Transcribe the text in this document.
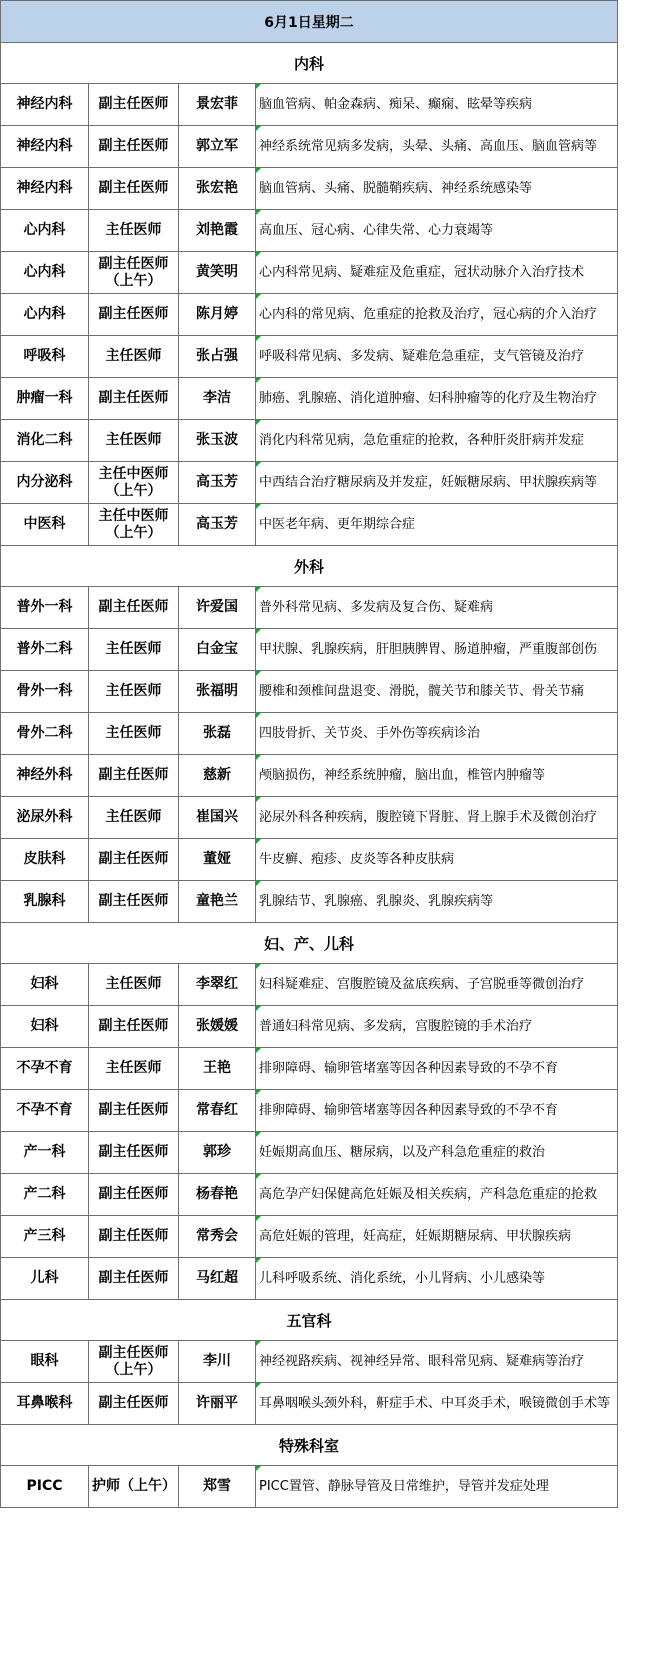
6月1日星期二			
内科			
神经内科	副主任医师	景宏菲	脑血管病、帕金森病、痴呆、癫痫、眩晕等疾病
神经内科	副主任医师	郭立军	神经系统常见病多发病，头晕、头痛、高血压、脑血管病等
神经内科	副主任医师	张宏艳	脑血管病、头痛、脱髓鞘疾病、神经系统感染等
心内科	主任医师	刘艳霞	高血压、冠心病、心律失常、心力衰竭等
心内科	副主任医师（上午）	黄笑明	心内科常见病、疑难症及危重症，冠状动脉介入治疗技术
心内科	副主任医师	陈月婷	心内科的常见病、危重症的抢救及治疗，冠心病的介入治疗
呼吸科	主任医师	张占强	呼吸科常见病、多发病、疑难危急重症，支气管镜及治疗
肿瘤一科	副主任医师	李洁	肺癌、乳腺癌、消化道肿瘤、妇科肿瘤等的化疗及生物治疗
消化二科	主任医师	张玉波	消化内科常见病，急危重症的抢救，各种肝炎肝病并发症
内分泌科	主任中医师（上午）	高玉芳	中西结合治疗糖尿病及并发症，妊娠糖尿病、甲状腺疾病等
中医科	主任中医师（上午）	高玉芳	中医老年病、更年期综合症
外科			
普外一科	副主任医师	许爱国	普外科常见病、多发病及复合伤、疑难病
普外二科	主任医师	白金宝	甲状腺、乳腺疾病，肝胆胰脾胃、肠道肿瘤，严重腹部创伤
骨外一科	主任医师	张福明	腰椎和颈椎间盘退变、滑脱，髋关节和膝关节、骨关节痛
骨外二科	主任医师	张磊	四肢骨折、关节炎、手外伤等疾病诊治
神经外科	副主任医师	慈新	颅脑损伤，神经系统肿瘤，脑出血，椎管内肿瘤等
泌尿外科	主任医师	崔国兴	泌尿外科各种疾病，腹腔镜下肾脏、肾上腺手术及微创治疗
皮肤科	副主任医师	董娅	牛皮癣、疱疹、皮炎等各种皮肤病
乳腺科	副主任医师	童艳兰	乳腺结节、乳腺癌、乳腺炎、乳腺疾病等
妇、产、儿科			
妇科	主任医师	李翠红	妇科疑难症、宫腹腔镜及盆底疾病、子宫脱垂等微创治疗
妇科	副主任医师	张媛媛	普通妇科常见病、多发病，宫腹腔镜的手术治疗
不孕不育	主任医师	王艳	排卵障碍、输卵管堵塞等因各种因素导致的不孕不育
不孕不育	副主任医师	常春红	排卵障碍、输卵管堵塞等因各种因素导致的不孕不育
产一科	副主任医师	郭珍	妊娠期高血压、糖尿病，以及产科急危重症的救治
产二科	副主任医师	杨春艳	高危孕产妇保健高危妊娠及相关疾病，产科急危重症的抢救
产三科	副主任医师	常秀会	高危妊娠的管理，妊高症，妊娠期糖尿病、甲状腺疾病
儿科	副主任医师	马红超	儿科呼吸系统、消化系统，小儿肾病、小儿感染等
五官科			
眼科	副主任医师（上午）	李川	神经视路疾病、视神经异常、眼科常见病、疑难病等治疗
耳鼻喉科	副主任医师	许丽平	耳鼻咽喉头颈外科，鼾症手术、中耳炎手术，喉镜微创手术等
特殊科室			
PICC	护师（上午）	郑雪	PICC置管、静脉导管及日常维护，导管并发症处理
